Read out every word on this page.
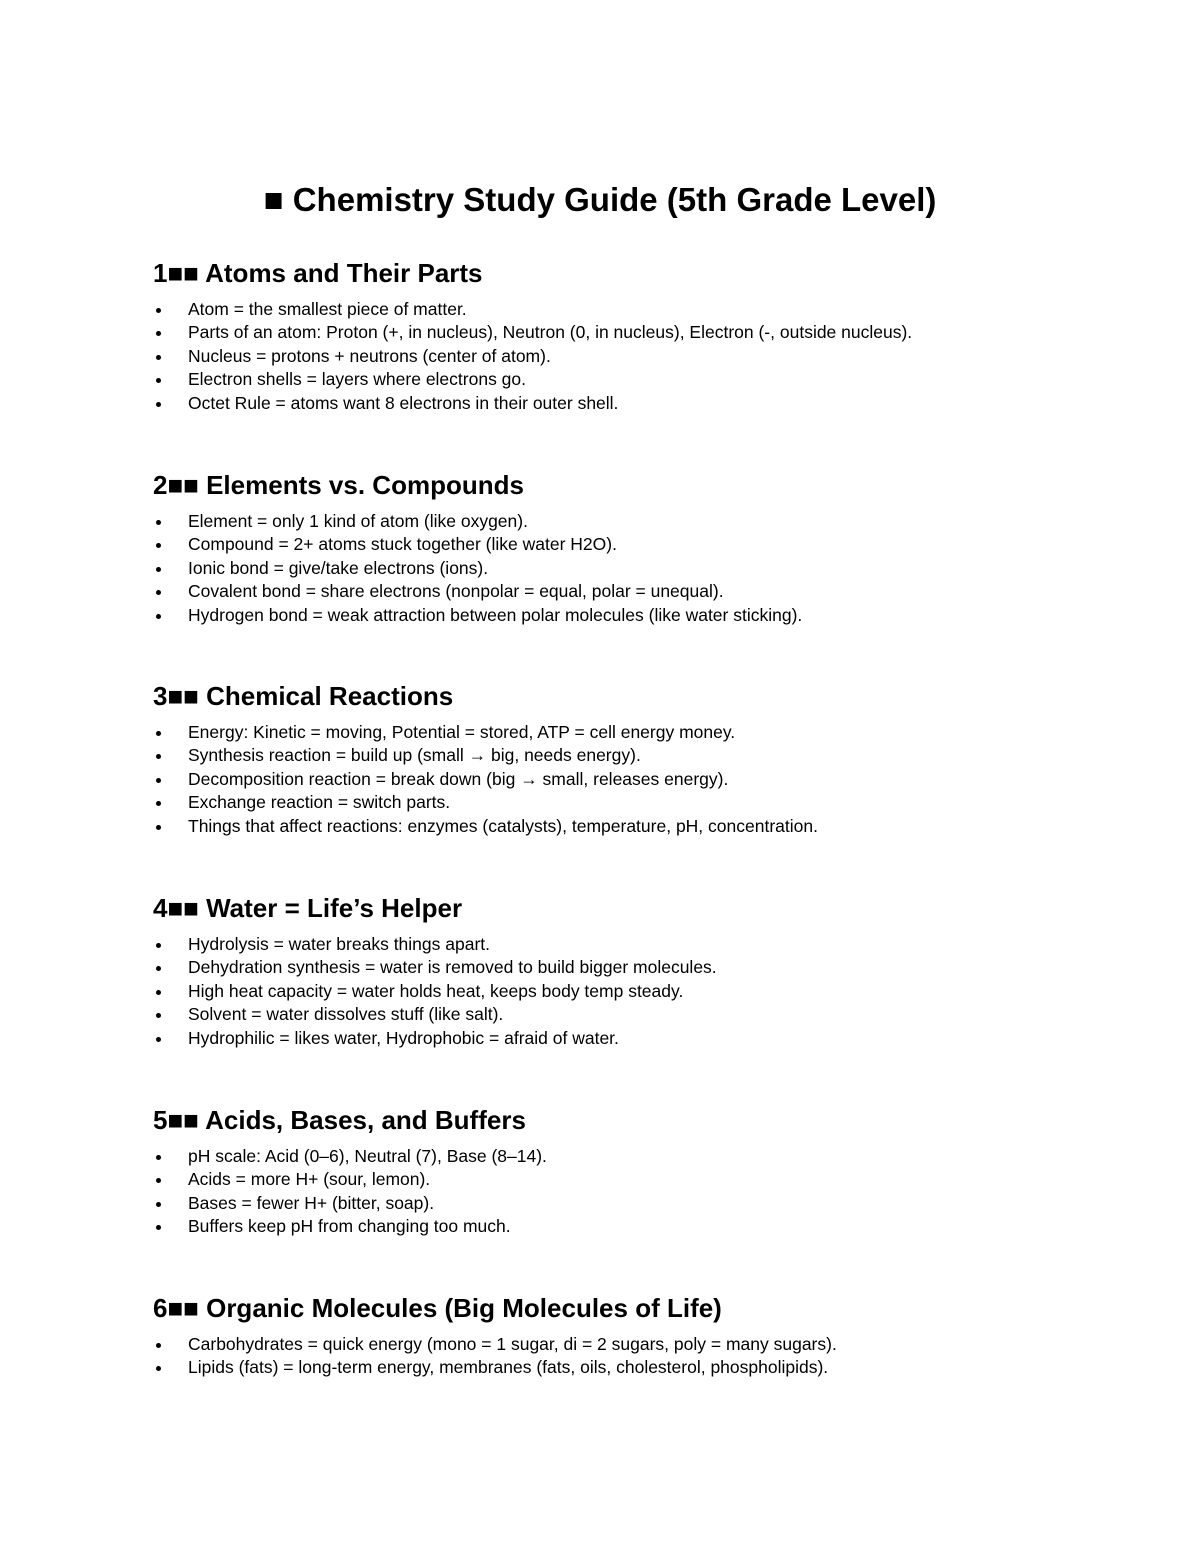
■ Chemistry Study Guide (5th Grade Level)
1■■ Atoms and Their Parts
Atom = the smallest piece of matter.
Parts of an atom: Proton (+, in nucleus), Neutron (0, in nucleus), Electron (-, outside nucleus).
Nucleus = protons + neutrons (center of atom).
Electron shells = layers where electrons go.
Octet Rule = atoms want 8 electrons in their outer shell.
2■■ Elements vs. Compounds
Element = only 1 kind of atom (like oxygen).
Compound = 2+ atoms stuck together (like water H2O).
Ionic bond = give/take electrons (ions).
Covalent bond = share electrons (nonpolar = equal, polar = unequal).
Hydrogen bond = weak attraction between polar molecules (like water sticking).
3■■ Chemical Reactions
Energy: Kinetic = moving, Potential = stored, ATP = cell energy money.
Synthesis reaction = build up (small → big, needs energy).
Decomposition reaction = break down (big → small, releases energy).
Exchange reaction = switch parts.
Things that affect reactions: enzymes (catalysts), temperature, pH, concentration.
4■■ Water = Life’s Helper
Hydrolysis = water breaks things apart.
Dehydration synthesis = water is removed to build bigger molecules.
High heat capacity = water holds heat, keeps body temp steady.
Solvent = water dissolves stuff (like salt).
Hydrophilic = likes water, Hydrophobic = afraid of water.
5■■ Acids, Bases, and Buffers
pH scale: Acid (0–6), Neutral (7), Base (8–14).
Acids = more H+ (sour, lemon).
Bases = fewer H+ (bitter, soap).
Buffers keep pH from changing too much.
6■■ Organic Molecules (Big Molecules of Life)
Carbohydrates = quick energy (mono = 1 sugar, di = 2 sugars, poly = many sugars).
Lipids (fats) = long-term energy, membranes (fats, oils, cholesterol, phospholipids).
